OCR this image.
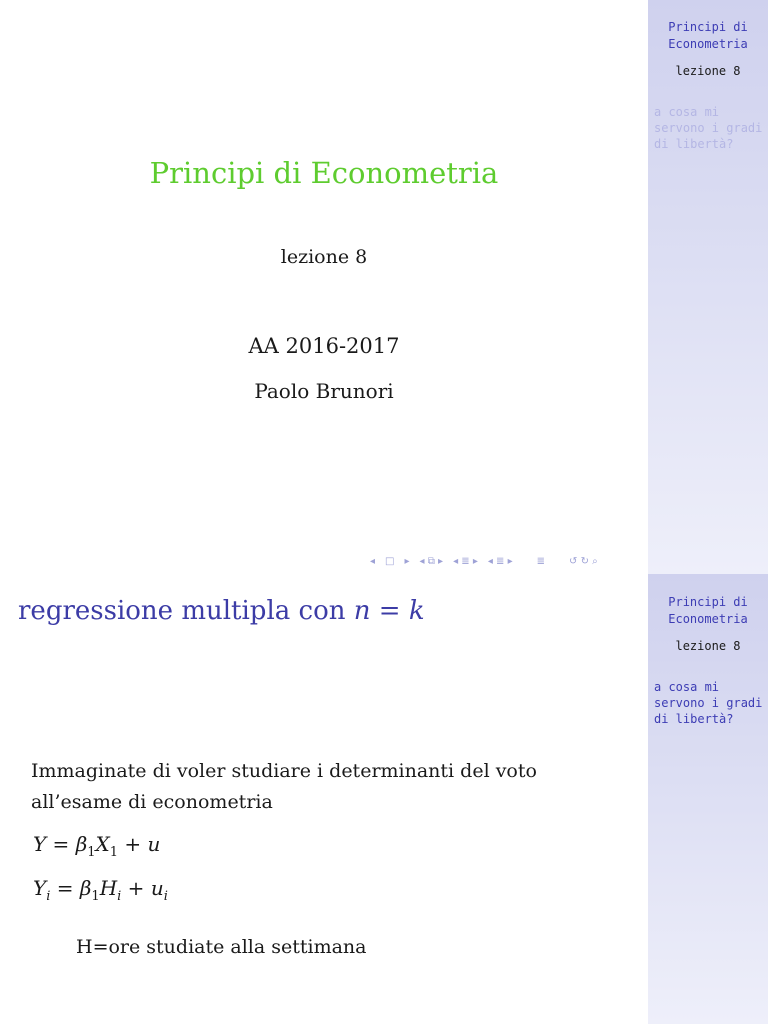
Principi di
Econometria
lezione 8
a cosa mi
servono i gradi
di libertà?
Principi di Econometria
lezione 8
AA 2016-2017
Paolo Brunori
◂ □ ▸ ◂ ⧉ ▸ ◂ ≣ ▸ ◂ ≣ ▸ ≣ ↺ ↻ ⌕
Principi di
Econometria
lezione 8
a cosa mi
servono i gradi
di libertà?
regressione multipla con n = k
Immaginate di voler studiare i determinanti del voto
all’esame di econometria
$Y = \beta_1X_1 + u$
$Y_i = \beta_1H_i + u_i$
H=ore studiate alla settimana
